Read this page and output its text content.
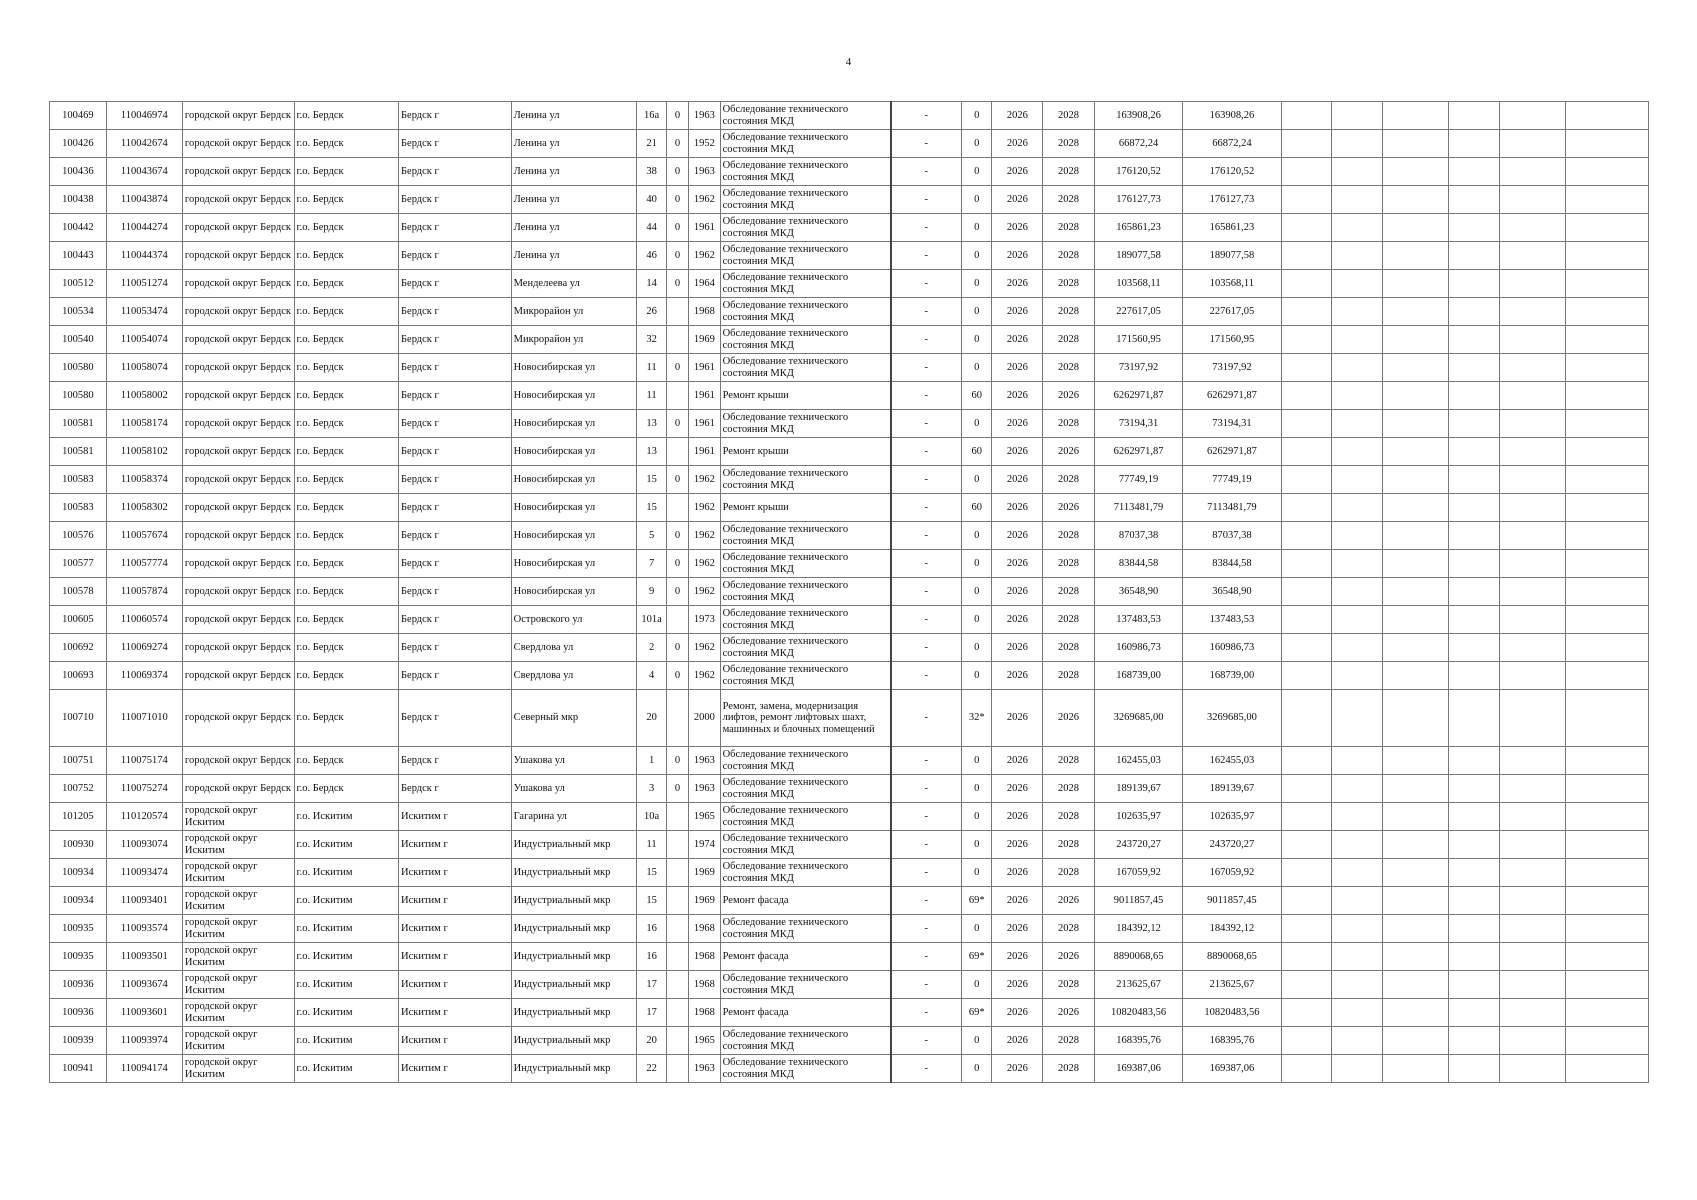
4
100469	110046974	городской округ Бердск	г.о. Бердск	Бердск г	Ленина ул	16а	0	1963	Обследование технического состояния МКД	-	0	2026	2028	163908,26	163908,26						
100426	110042674	городской округ Бердск	г.о. Бердск	Бердск г	Ленина ул	21	0	1952	Обследование технического состояния МКД	-	0	2026	2028	66872,24	66872,24						
100436	110043674	городской округ Бердск	г.о. Бердск	Бердск г	Ленина ул	38	0	1963	Обследование технического состояния МКД	-	0	2026	2028	176120,52	176120,52						
100438	110043874	городской округ Бердск	г.о. Бердск	Бердск г	Ленина ул	40	0	1962	Обследование технического состояния МКД	-	0	2026	2028	176127,73	176127,73						
100442	110044274	городской округ Бердск	г.о. Бердск	Бердск г	Ленина ул	44	0	1961	Обследование технического состояния МКД	-	0	2026	2028	165861,23	165861,23						
100443	110044374	городской округ Бердск	г.о. Бердск	Бердск г	Ленина ул	46	0	1962	Обследование технического состояния МКД	-	0	2026	2028	189077,58	189077,58						
100512	110051274	городской округ Бердск	г.о. Бердск	Бердск г	Менделеева ул	14	0	1964	Обследование технического состояния МКД	-	0	2026	2028	103568,11	103568,11						
100534	110053474	городской округ Бердск	г.о. Бердск	Бердск г	Микрорайон ул	26		1968	Обследование технического состояния МКД	-	0	2026	2028	227617,05	227617,05						
100540	110054074	городской округ Бердск	г.о. Бердск	Бердск г	Микрорайон ул	32		1969	Обследование технического состояния МКД	-	0	2026	2028	171560,95	171560,95						
100580	110058074	городской округ Бердск	г.о. Бердск	Бердск г	Новосибирская ул	11	0	1961	Обследование технического состояния МКД	-	0	2026	2028	73197,92	73197,92						
100580	110058002	городской округ Бердск	г.о. Бердск	Бердск г	Новосибирская ул	11		1961	Ремонт крыши	-	60	2026	2026	6262971,87	6262971,87						
100581	110058174	городской округ Бердск	г.о. Бердск	Бердск г	Новосибирская ул	13	0	1961	Обследование технического состояния МКД	-	0	2026	2028	73194,31	73194,31						
100581	110058102	городской округ Бердск	г.о. Бердск	Бердск г	Новосибирская ул	13		1961	Ремонт крыши	-	60	2026	2026	6262971,87	6262971,87						
100583	110058374	городской округ Бердск	г.о. Бердск	Бердск г	Новосибирская ул	15	0	1962	Обследование технического состояния МКД	-	0	2026	2028	77749,19	77749,19						
100583	110058302	городской округ Бердск	г.о. Бердск	Бердск г	Новосибирская ул	15		1962	Ремонт крыши	-	60	2026	2026	7113481,79	7113481,79						
100576	110057674	городской округ Бердск	г.о. Бердск	Бердск г	Новосибирская ул	5	0	1962	Обследование технического состояния МКД	-	0	2026	2028	87037,38	87037,38						
100577	110057774	городской округ Бердск	г.о. Бердск	Бердск г	Новосибирская ул	7	0	1962	Обследование технического состояния МКД	-	0	2026	2028	83844,58	83844,58						
100578	110057874	городской округ Бердск	г.о. Бердск	Бердск г	Новосибирская ул	9	0	1962	Обследование технического состояния МКД	-	0	2026	2028	36548,90	36548,90						
100605	110060574	городской округ Бердск	г.о. Бердск	Бердск г	Островского ул	101а		1973	Обследование технического состояния МКД	-	0	2026	2028	137483,53	137483,53						
100692	110069274	городской округ Бердск	г.о. Бердск	Бердск г	Свердлова ул	2	0	1962	Обследование технического состояния МКД	-	0	2026	2028	160986,73	160986,73						
100693	110069374	городской округ Бердск	г.о. Бердск	Бердск г	Свердлова ул	4	0	1962	Обследование технического состояния МКД	-	0	2026	2028	168739,00	168739,00						
100710	110071010	городской округ Бердск	г.о. Бердск	Бердск г	Северный мкр	20		2000	Ремонт, замена, модернизация лифтов, ремонт лифтовых шахт, машинных и блочных помещений	-	32*	2026	2026	3269685,00	3269685,00						
100751	110075174	городской округ Бердск	г.о. Бердск	Бердск г	Ушакова ул	1	0	1963	Обследование технического состояния МКД	-	0	2026	2028	162455,03	162455,03						
100752	110075274	городской округ Бердск	г.о. Бердск	Бердск г	Ушакова ул	3	0	1963	Обследование технического состояния МКД	-	0	2026	2028	189139,67	189139,67						
101205	110120574	городской округ Искитим	г.о. Искитим	Искитим г	Гагарина ул	10а		1965	Обследование технического состояния МКД	-	0	2026	2028	102635,97	102635,97						
100930	110093074	городской округ Искитим	г.о. Искитим	Искитим г	Индустриальный мкр	11		1974	Обследование технического состояния МКД	-	0	2026	2028	243720,27	243720,27						
100934	110093474	городской округ Искитим	г.о. Искитим	Искитим г	Индустриальный мкр	15		1969	Обследование технического состояния МКД	-	0	2026	2028	167059,92	167059,92						
100934	110093401	городской округ Искитим	г.о. Искитим	Искитим г	Индустриальный мкр	15		1969	Ремонт фасада	-	69*	2026	2026	9011857,45	9011857,45						
100935	110093574	городской округ Искитим	г.о. Искитим	Искитим г	Индустриальный мкр	16		1968	Обследование технического состояния МКД	-	0	2026	2028	184392,12	184392,12						
100935	110093501	городской округ Искитим	г.о. Искитим	Искитим г	Индустриальный мкр	16		1968	Ремонт фасада	-	69*	2026	2026	8890068,65	8890068,65						
100936	110093674	городской округ Искитим	г.о. Искитим	Искитим г	Индустриальный мкр	17		1968	Обследование технического состояния МКД	-	0	2026	2028	213625,67	213625,67						
100936	110093601	городской округ Искитим	г.о. Искитим	Искитим г	Индустриальный мкр	17		1968	Ремонт фасада	-	69*	2026	2026	10820483,56	10820483,56						
100939	110093974	городской округ Искитим	г.о. Искитим	Искитим г	Индустриальный мкр	20		1965	Обследование технического состояния МКД	-	0	2026	2028	168395,76	168395,76						
100941	110094174	городской округ Искитим	г.о. Искитим	Искитим г	Индустриальный мкр	22		1963	Обследование технического состояния МКД	-	0	2026	2028	169387,06	169387,06						
